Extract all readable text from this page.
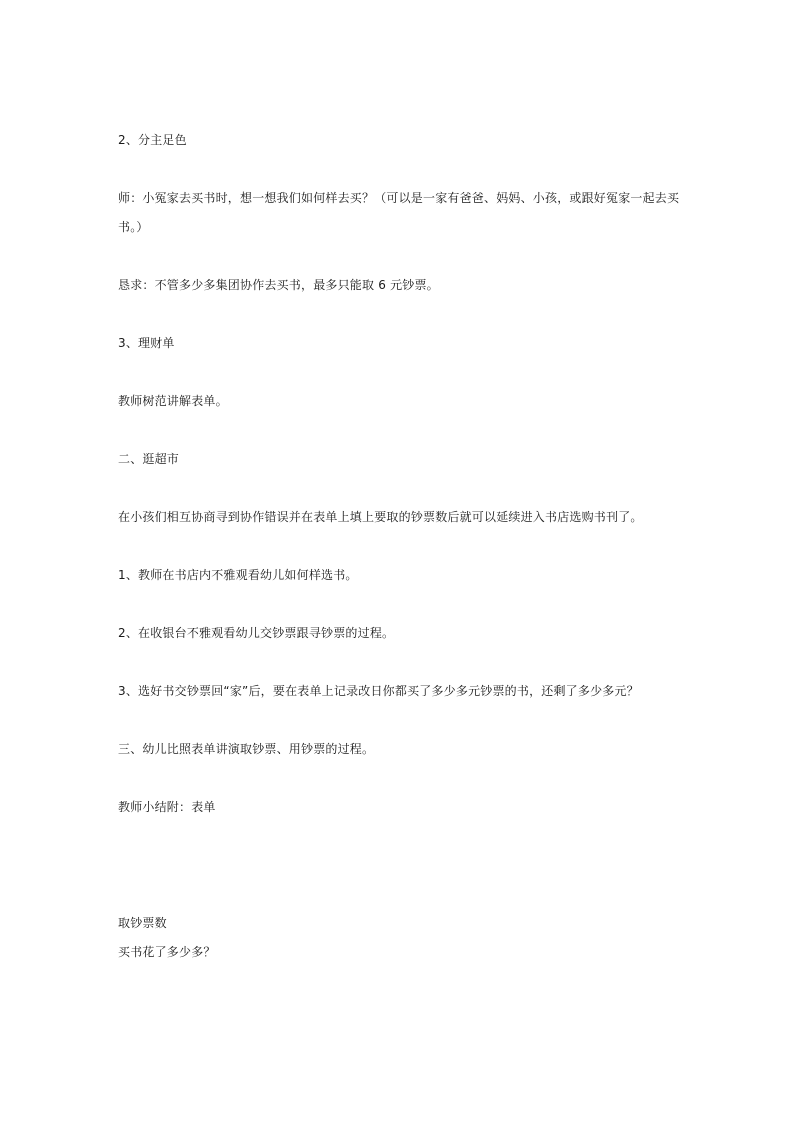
2、分主足色
师：小冤家去买书时，想一想我们如何样去买？（可以是一家有爸爸、妈妈、小孩，或跟好冤家一起去买
书。）
恳求：不管多少多集团协作去买书，最多只能取 6 元钞票。
3、理财单
教师树范讲解表单。
二、逛超市
在小孩们相互协商寻到协作错误并在表单上填上要取的钞票数后就可以延续进入书店选购书刊了。
1、教师在书店内不雅观看幼儿如何样选书。
2、在收银台不雅观看幼儿交钞票跟寻钞票的过程。
3、选好书交钞票回“家”后，要在表单上记录改日你都买了多少多元钞票的书，还剩了多少多元？
三、幼儿比照表单讲演取钞票、用钞票的过程。
教师小结附：表单
取钞票数
买书花了多少多？
